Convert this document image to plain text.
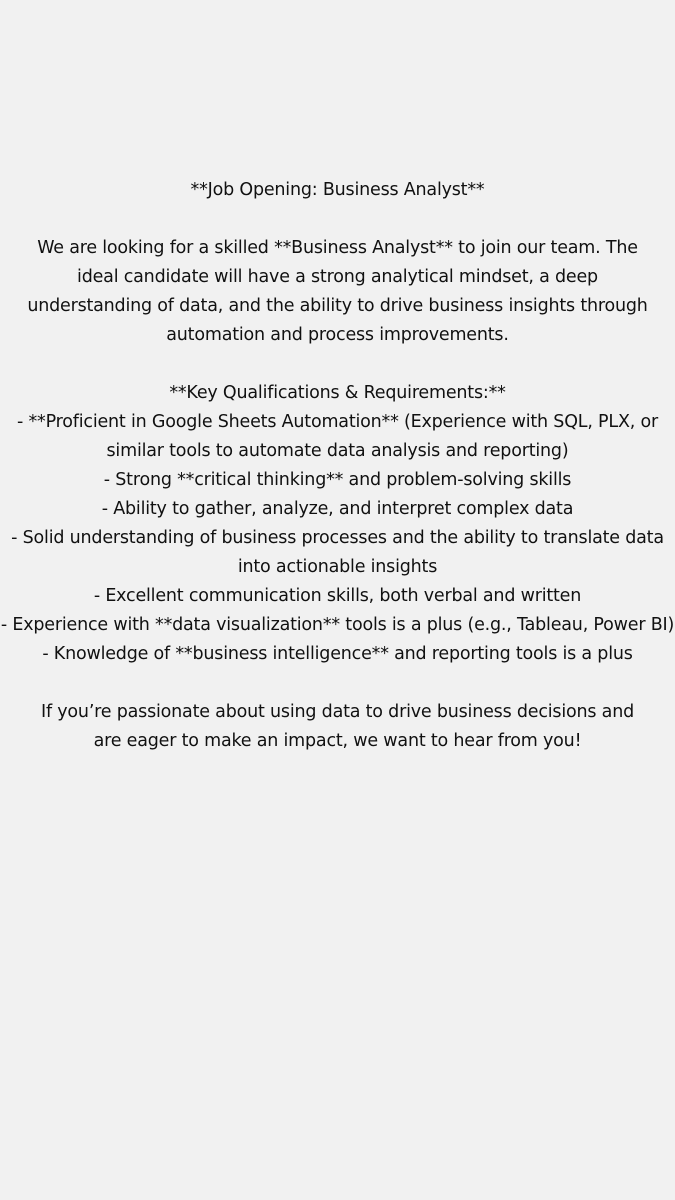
**Job Opening: Business Analyst**
We are looking for a skilled **Business Analyst** to join our team. The ideal candidate will have a strong analytical mindset, a deep understanding of data, and the ability to drive business insights through automation and process improvements.
**Key Qualifications & Requirements:**
- **Proficient in Google Sheets Automation** (Experience with SQL, PLX, or similar tools to automate data analysis and reporting)
- Strong **critical thinking** and problem-solving skills
- Ability to gather, analyze, and interpret complex data
- Solid understanding of business processes and the ability to translate data into actionable insights
- Excellent communication skills, both verbal and written
- Experience with **data visualization** tools is a plus (e.g., Tableau, Power BI)
- Knowledge of **business intelligence** and reporting tools is a plus
If you’re passionate about using data to drive business decisions and are eager to make an impact, we want to hear from you!
